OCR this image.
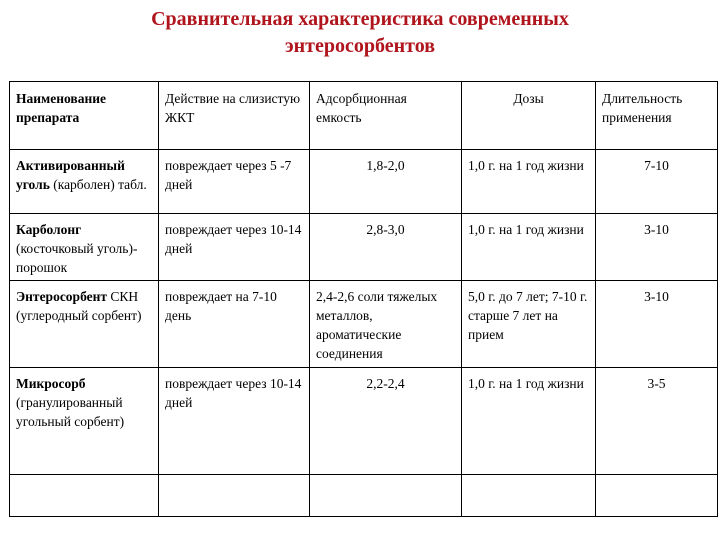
Сравнительная характеристика современных
энтеросорбентов
Наименование препарата	Действие на слизистую ЖКТ	Адсорбционная емкость	Дозы	Длительность применения
Активированный уголь (карболен) табл.	повреждает через 5 -7 дней	1,8-2,0	1,0 г. на 1 год жизни	7-10
Карболонг (косточковый уголь)-порошок	повреждает через 10-14 дней	2,8-3,0	1,0 г. на 1 год жизни	3-10
Энтеросорбент СКН (углеродный сорбент)	повреждает на 7-10 день	2,4-2,6 соли тяжелых металлов, ароматические соединения	5,0 г. до 7 лет; 7-10 г. старше 7 лет на прием	3-10
Микросорб (гранулированный угольный сорбент)	повреждает через 10-14 дней	2,2-2,4	1,0 г. на 1 год жизни	3-5
